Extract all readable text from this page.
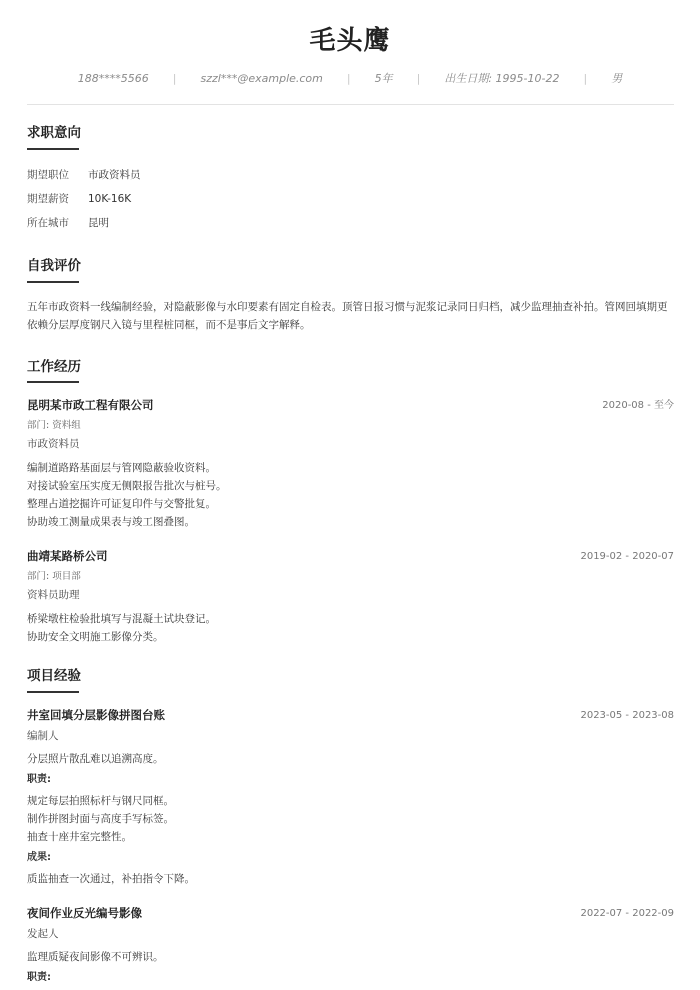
毛头鹰
188****5566 | szzl***@example.com | 5年 | 出生日期: 1995-10-22 | 男
求职意向
期望职位	市政资料员
期望薪资	10K-16K
所在城市	昆明
自我评价
五年市政资料一线编制经验，对隐蔽影像与水印要素有固定自检表。顶管日报习惯与泥浆记录同日归档，减少监理抽查补拍。管网回填期更
依赖分层厚度钢尺入镜与里程桩同框，而不是事后文字解释。
工作经历
昆明某市政工程有限公司	2020-08 - 至今
部门: 资料组
市政资料员
编制道路路基面层与管网隐蔽验收资料。
对接试验室压实度无侧限报告批次与桩号。
整理占道挖掘许可证复印件与交警批复。
协助竣工测量成果表与竣工图叠图。
曲靖某路桥公司	2019-02 - 2020-07
部门: 项目部
资料员助理
桥梁墩柱检验批填写与混凝土试块登记。
协助安全文明施工影像分类。
项目经验
井室回填分层影像拼图台账	2023-05 - 2023-08
编制人
分层照片散乱难以追溯高度。
职责:
规定每层拍照标杆与钢尺同框。
制作拼图封面与高度手写标签。
抽查十座井室完整性。
成果:
质监抽查一次通过，补拍指令下降。
夜间作业反光编号影像	2022-07 - 2022-09
发起人
监理质疑夜间影像不可辨识。
职责:
